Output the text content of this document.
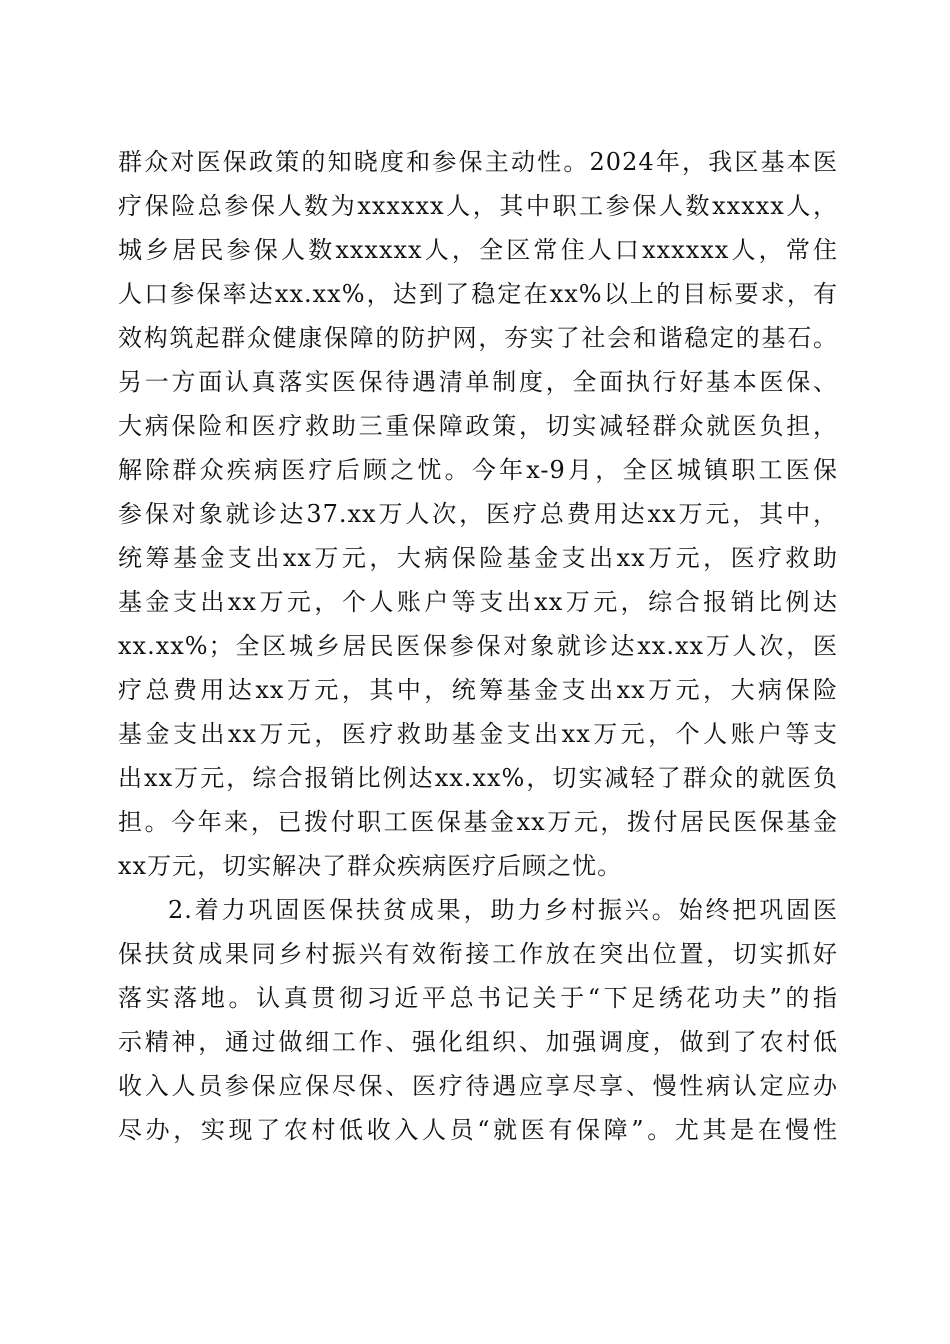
群众对医保政策的知晓度和参保主动性。2024年，我区基本医
疗保险总参保人数为xxxxxx人，其中职工参保人数xxxxx人，
城乡居民参保人数xxxxxx人，全区常住人口xxxxxx人，常住
人口参保率达xx.xx%，达到了稳定在xx%以上的目标要求，有
效构筑起群众健康保障的防护网，夯实了社会和谐稳定的基石。
另一方面认真落实医保待遇清单制度，全面执行好基本医保、
大病保险和医疗救助三重保障政策，切实减轻群众就医负担，
解除群众疾病医疗后顾之忧。今年x-9月，全区城镇职工医保
参保对象就诊达37.xx万人次，医疗总费用达xx万元，其中，
统筹基金支出xx万元，大病保险基金支出xx万元，医疗救助
基金支出xx万元，个人账户等支出xx万元，综合报销比例达
xx.xx%；全区城乡居民医保参保对象就诊达xx.xx万人次，医
疗总费用达xx万元，其中，统筹基金支出xx万元，大病保险
基金支出xx万元，医疗救助基金支出xx万元，个人账户等支
出xx万元，综合报销比例达xx.xx%，切实减轻了群众的就医负
担。今年来，已拨付职工医保基金xx万元，拨付居民医保基金
xx万元，切实解决了群众疾病医疗后顾之忧。
2.着力巩固医保扶贫成果，助力乡村振兴。始终把巩固医
保扶贫成果同乡村振兴有效衔接工作放在突出位置，切实抓好
落实落地。认真贯彻习近平总书记关于“下足绣花功夫”的指
示精神，通过做细工作、强化组织、加强调度，做到了农村低
收入人员参保应保尽保、医疗待遇应享尽享、慢性病认定应办
尽办，实现了农村低收入人员“就医有保障”。尤其是在慢性
